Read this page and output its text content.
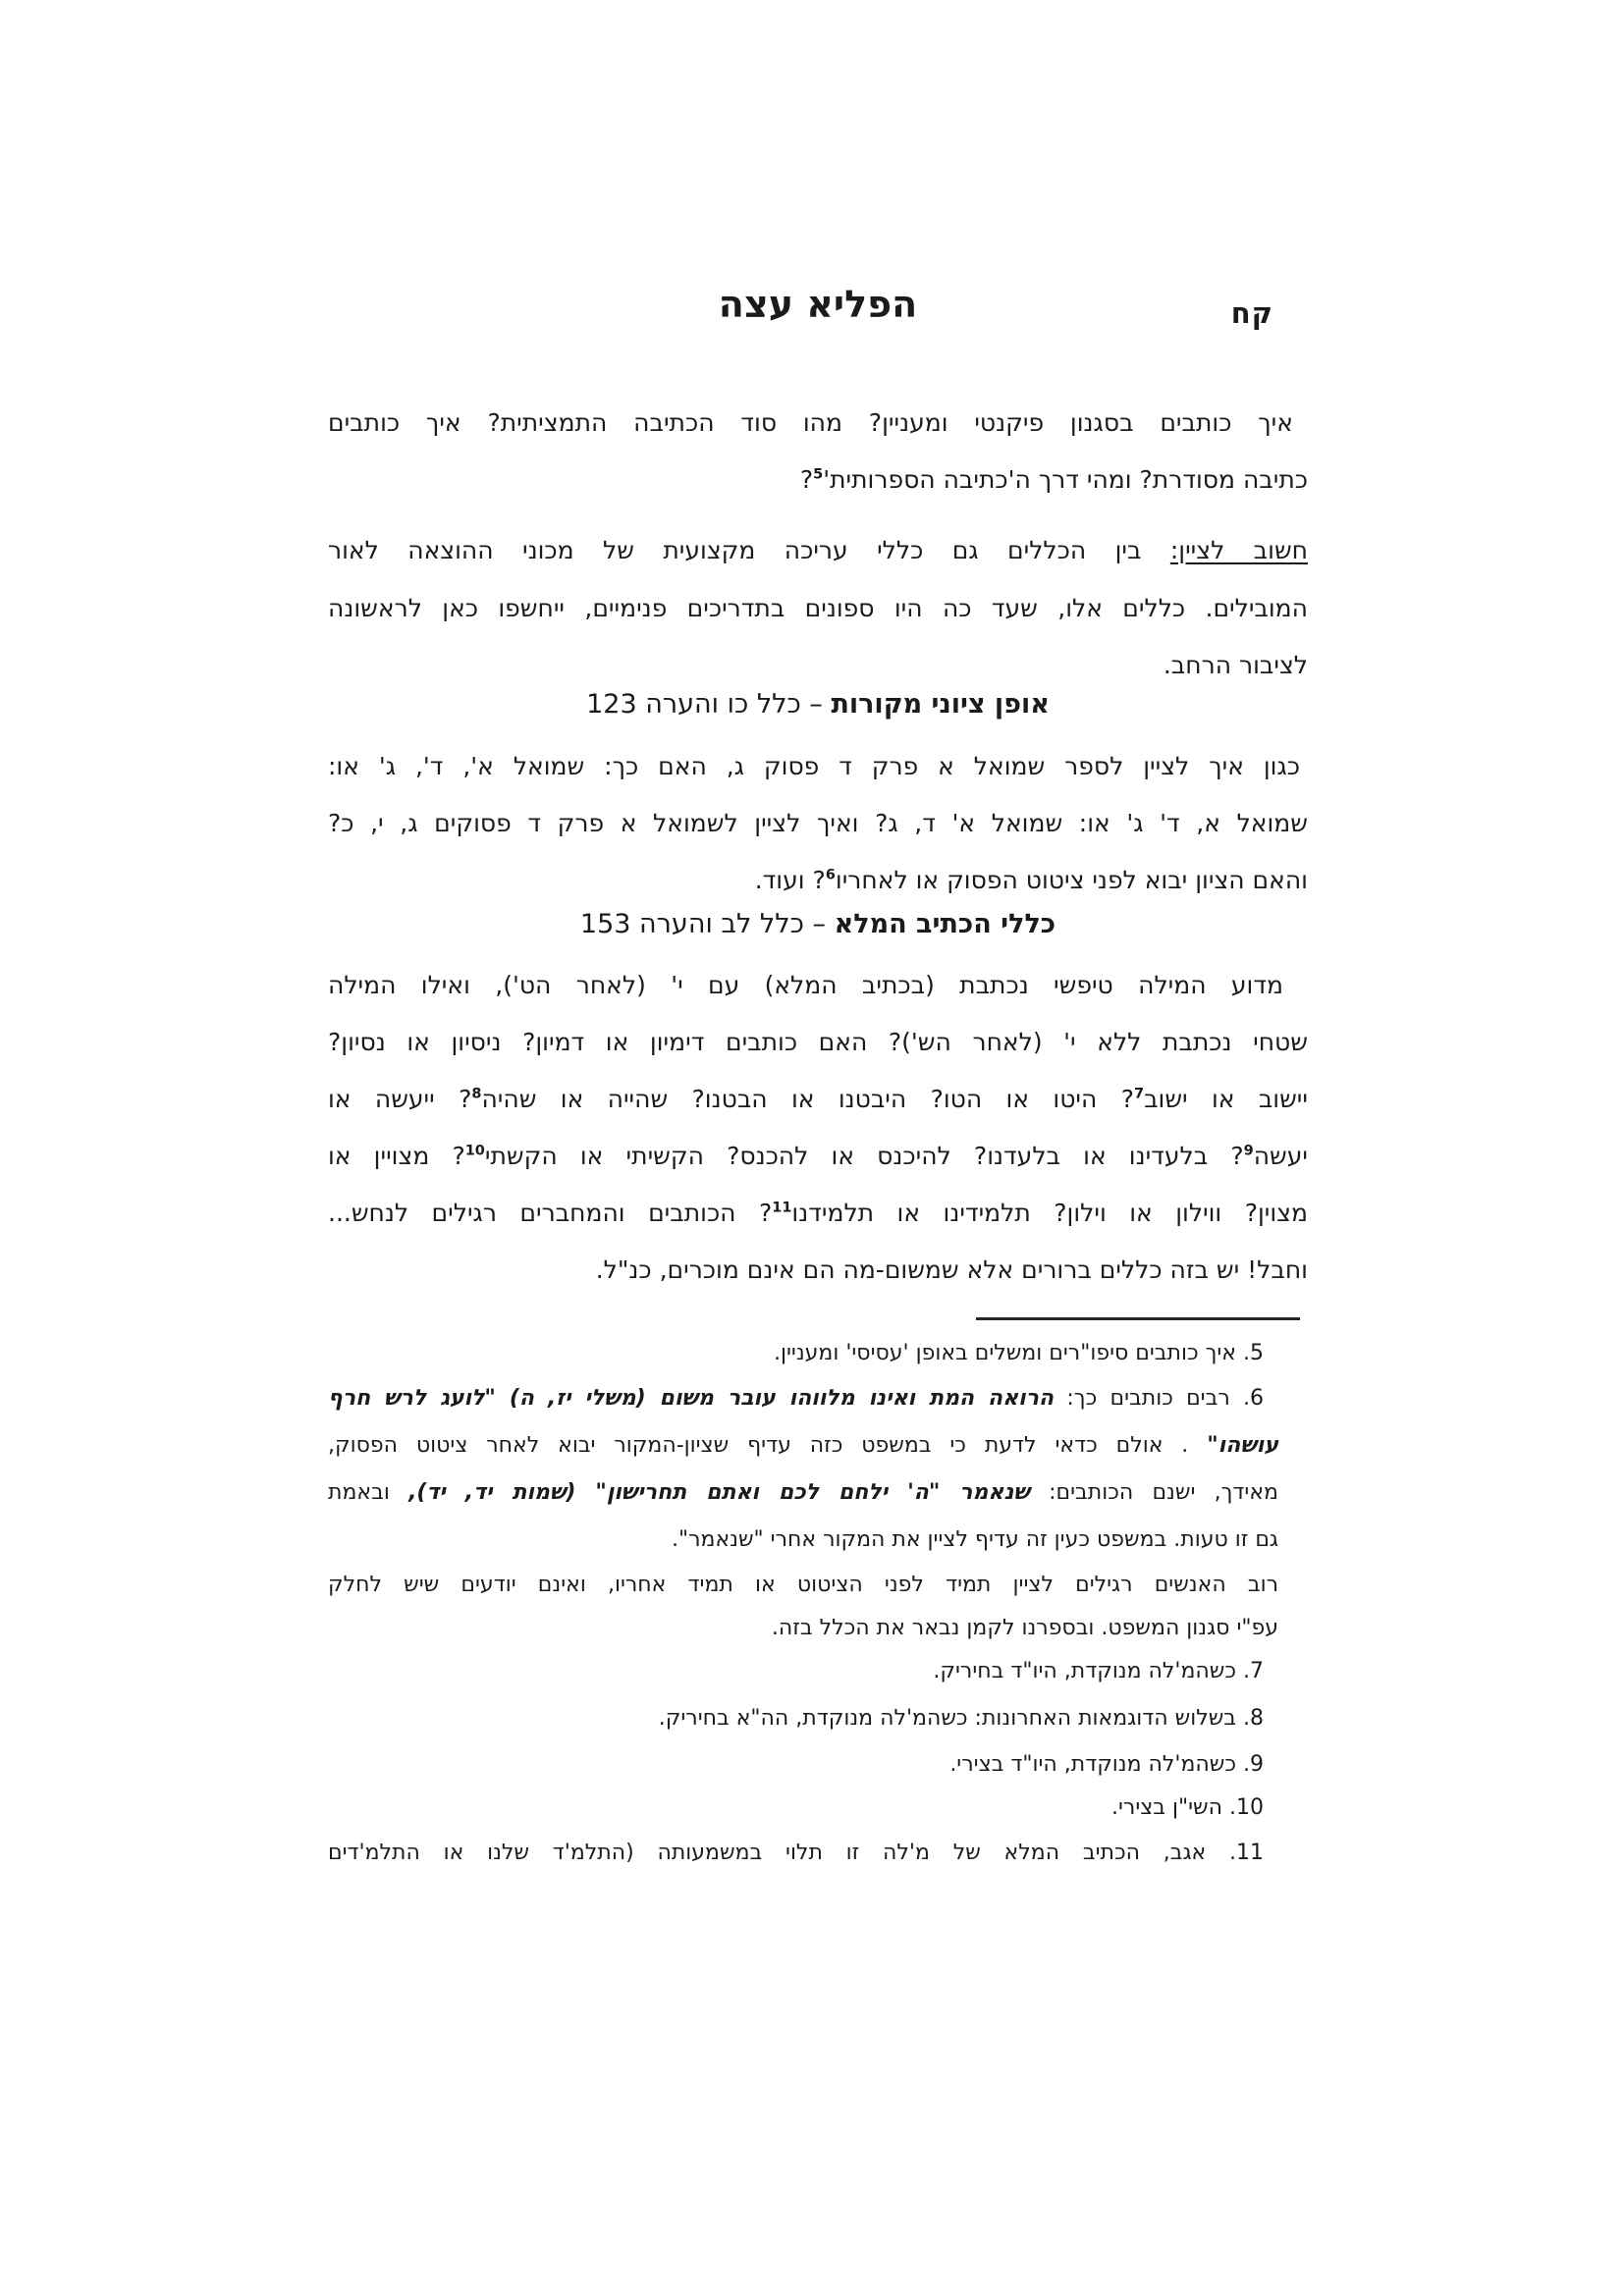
קח
הפליא עצה
איך כותבים בסגנון פיקנטי ומעניין? מהו סוד הכתיבה התמציתית? איך כותבים
כתיבה מסודרת? ומהי דרך ה'כתיבה $הספרותית'^5$?
חשוב לציין: בין הכללים גם כללי עריכה מקצועית של מכוני ההוצאה לאור
המובילים. כללים אלו, שעד כה היו ספונים בתדריכים פנימיים, ייחשפו כאן לראשונה
לציבור הרחב.
אופן ציוני מקורות – כלל כו והערה 123
כגון איך לציין לספר שמואל א פרק ד פסוק ג, האם כך: שמואל א', ד', ג' או:
שמואל א, ד' ג' או: שמואל א' ד, ג? ואיך לציין לשמואל א פרק ד פסוקים ג, י, כ?
והאם הציון יבוא לפני ציטוט הפסוק או לאחריו$^6$? ועוד.
כללי הכתיב המלא – כלל לב והערה 153
מדוע המילה טיפשי נכתבת (בכתיב המלא) עם י' (לאחר הט'), ואילו המילה
שטחי נכתבת ללא י' (לאחר הש')? האם כותבים דימיון או דמיון? ניסיון או נסיון?
יישוב או ישוב$^7$? היטו או הטו? היבטנו או הבטנו? שהייה או שהיה$^8$? ייעשה או
יעשה$^9$? בלעדינו או בלעדנו? להיכנס או להכנס? הקשיתי או הקשתי$^{10}$? מצויין או
מצוין? ווילון או וילון? תלמידינו או תלמידנו$^{11}$? הכותבים והמחברים רגילים לנחש...
וחבל! יש בזה כללים ברורים אלא שמשום-מה הם אינם מוכרים, כנ"ל.
5. איך כותבים סיפו"רים ומשלים באופן 'עסיסי' ומעניין.
6. רבים כותבים כך: הרואה המת ואינו מלווהו עובר משום (משלי יז, ה) "לועג לרש חרף
עושהו" . אולם כדאי לדעת כי במשפט כזה עדיף שציון-המקור יבוא לאחר ציטוט הפסוק,
מאידך, ישנם הכותבים: שנאמר "ה' ילחם לכם ואתם תחרישון" (שמות יד, יד), ובאמת
גם זו טעות. במשפט כעין זה עדיף לציין את המקור אחרי "שנאמר".
רוב האנשים רגילים לציין תמיד לפני הציטוט או תמיד אחריו, ואינם יודעים שיש לחלק
עפ"י סגנון המשפט. ובספרנו לקמן נבאר את הכלל בזה.
7. כשהמ'לה מנוקדת, היו"ד בחיריק.
8. בשלוש הדוגמאות האחרונות: כשהמ'לה מנוקדת, הה"א בחיריק.
9. כשהמ'לה מנוקדת, היו"ד בצירי.
10. השי"ן בצירי.
11. אגב, הכתיב המלא של מ'לה זו תלוי במשמעותה (התלמ'ד שלנו או התלמ'דים
